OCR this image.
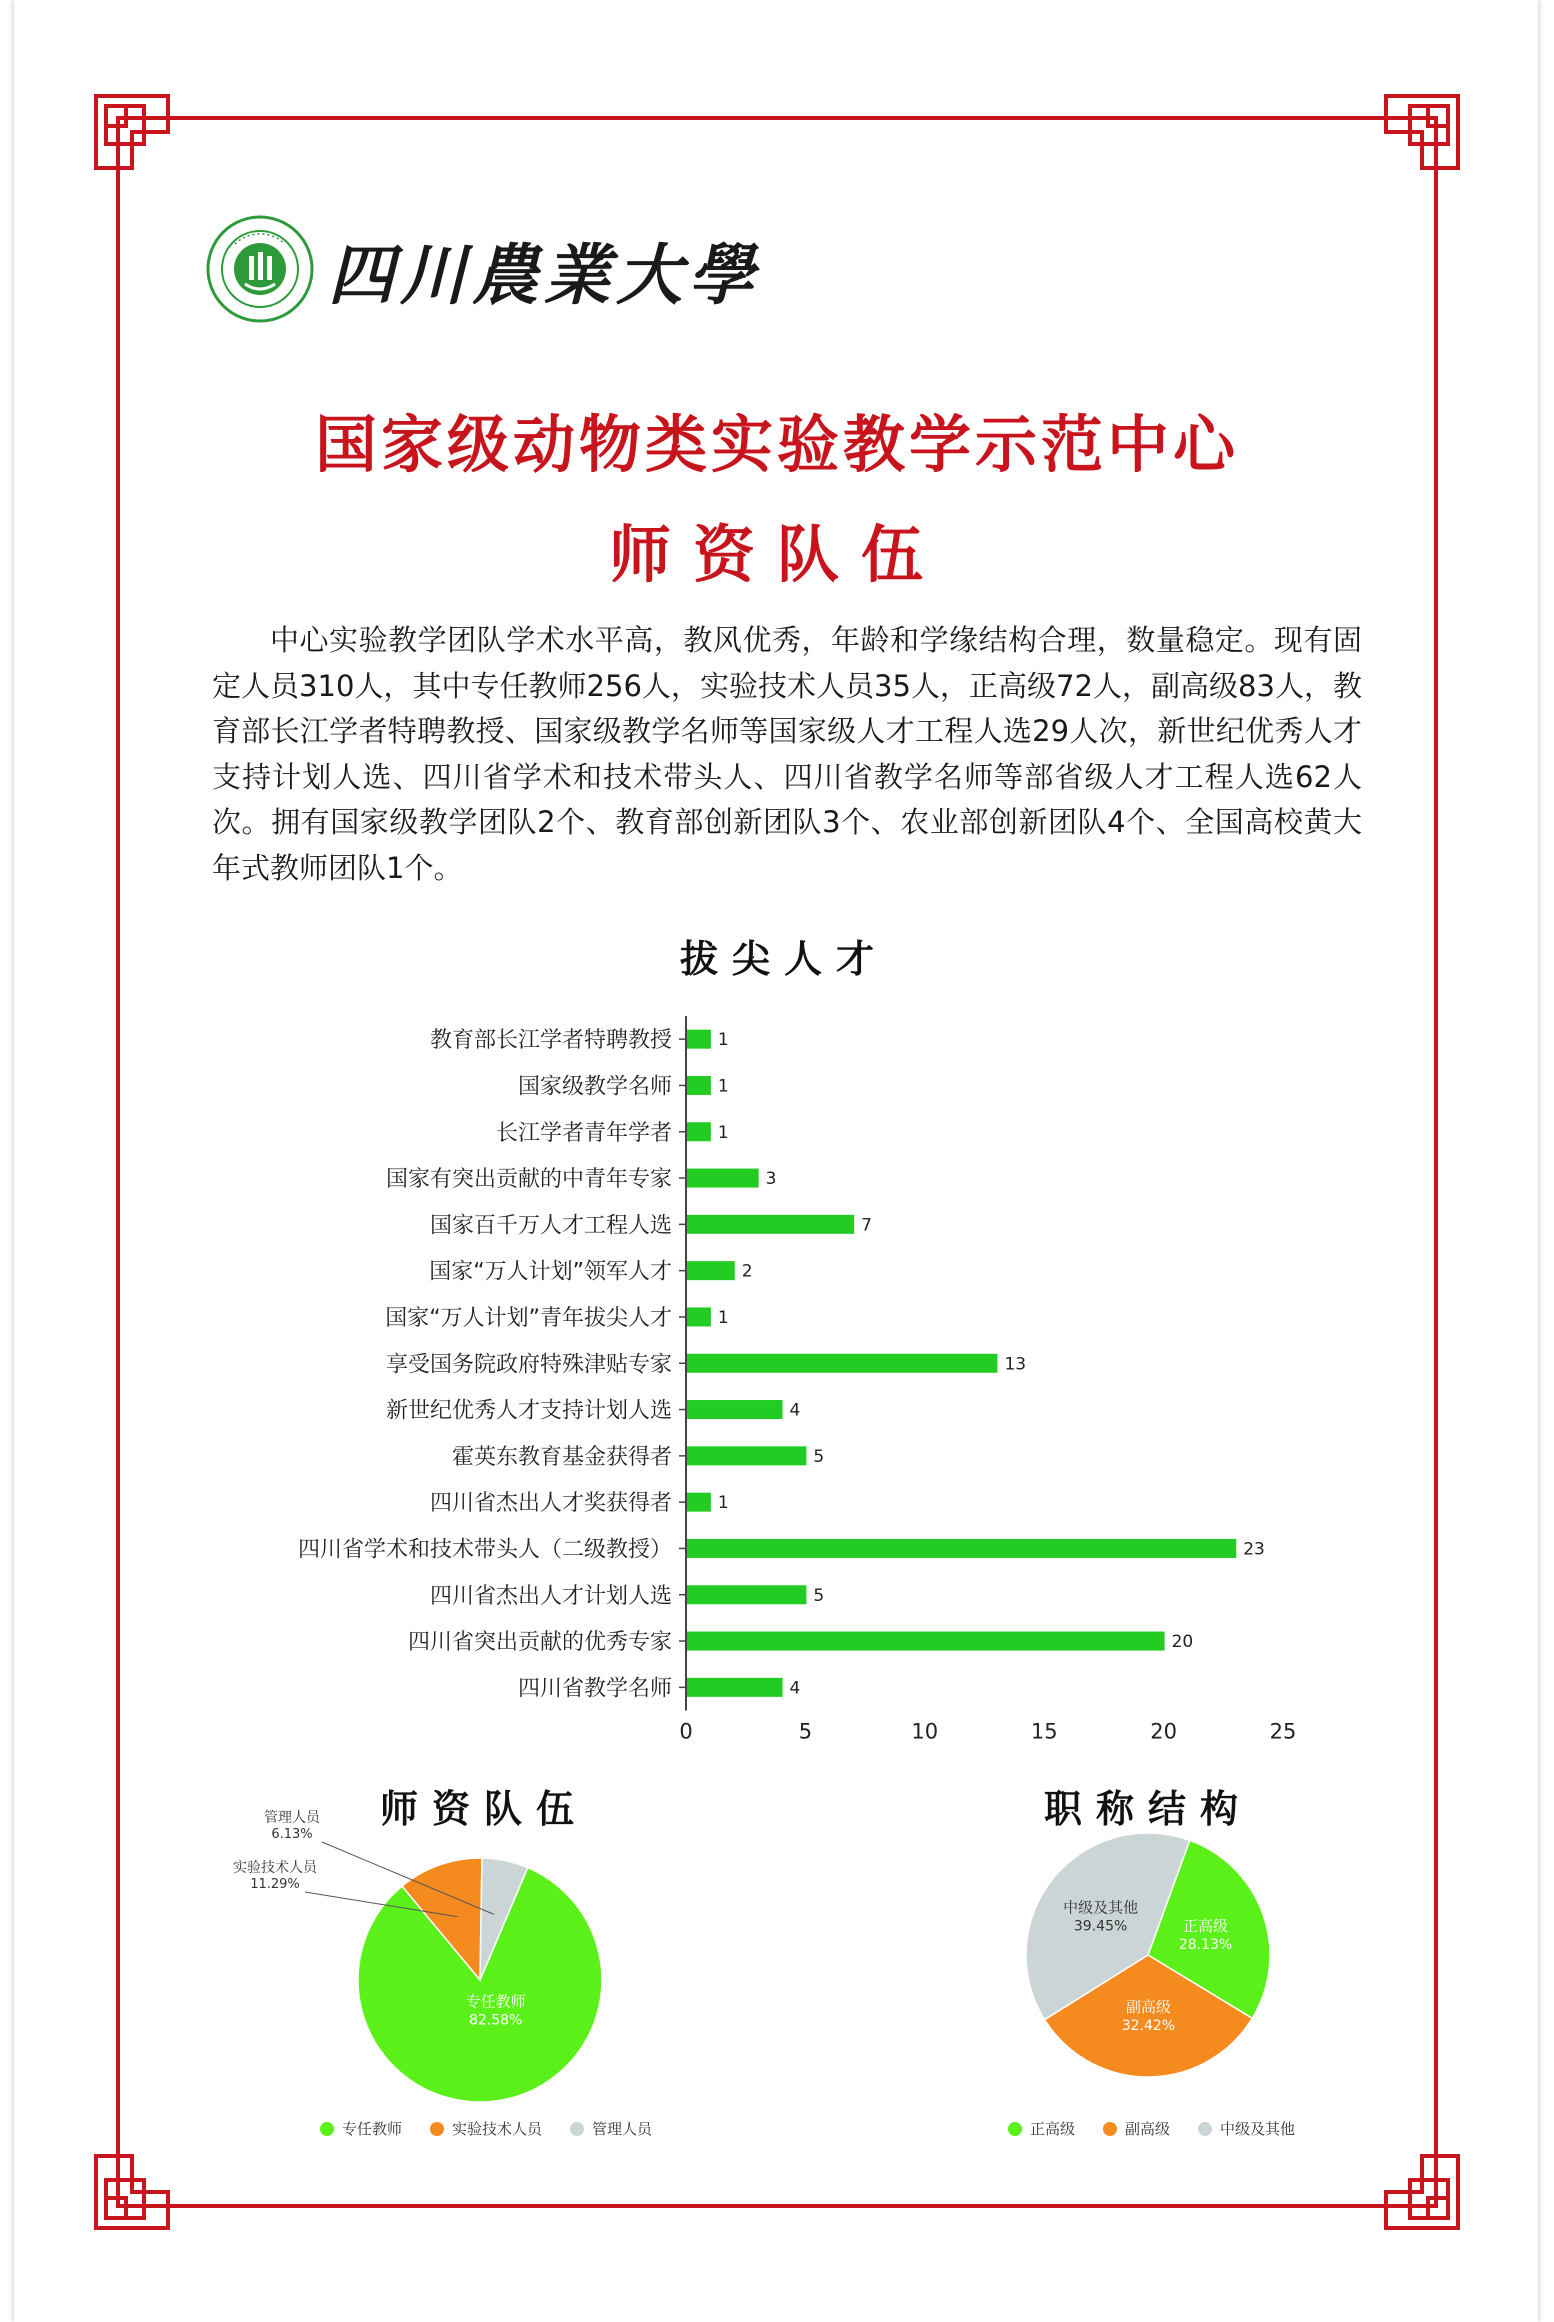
四川農業大學
国家级动物类实验教学示范中心
师资队伍
中心实验教学团队学术水平高，教风优秀，年龄和学缘结构合理，数量稳定。现有固定人员310人，其中专任教师256人，实验技术人员35人，正高级72人，副高级83人，教育部长江学者特聘教授、国家级教学名师等国家级人才工程人选29人次，新世纪优秀人才支持计划人选、四川省学术和技术带头人、四川省教学名师等部省级人才工程人选62人次。拥有国家级教学团队2个、教育部创新团队3个、农业部创新团队4个、全国高校黄大年式教师团队1个。
拔尖人才
教育部长江学者特聘教授	1
国家级教学名师	1
长江学者青年学者	1
国家有突出贡献的中青年专家	3
国家百千万人才工程人选	7
国家“万人计划”领军人才	2
国家“万人计划”青年拔尖人才	1
享受国务院政府特殊津贴专家	13
新世纪优秀人才支持计划人选	4
霍英东教育基金获得者	5
四川省杰出人才奖获得者	1
四川省学术和技术带头人（二级教授）	23
四川省杰出人才计划人选	5
四川省突出贡献的优秀专家	20
四川省教学名师	4
0	5	10	15	20	25
师资队伍
专任教师
82.58%
实验技术人员
11.29%
管理人员
6.13%
专任教师	实验技术人员	管理人员
职称结构
正高级
28.13%
副高级
32.42%
中级及其他
39.45%
正高级	副高级	中级及其他
